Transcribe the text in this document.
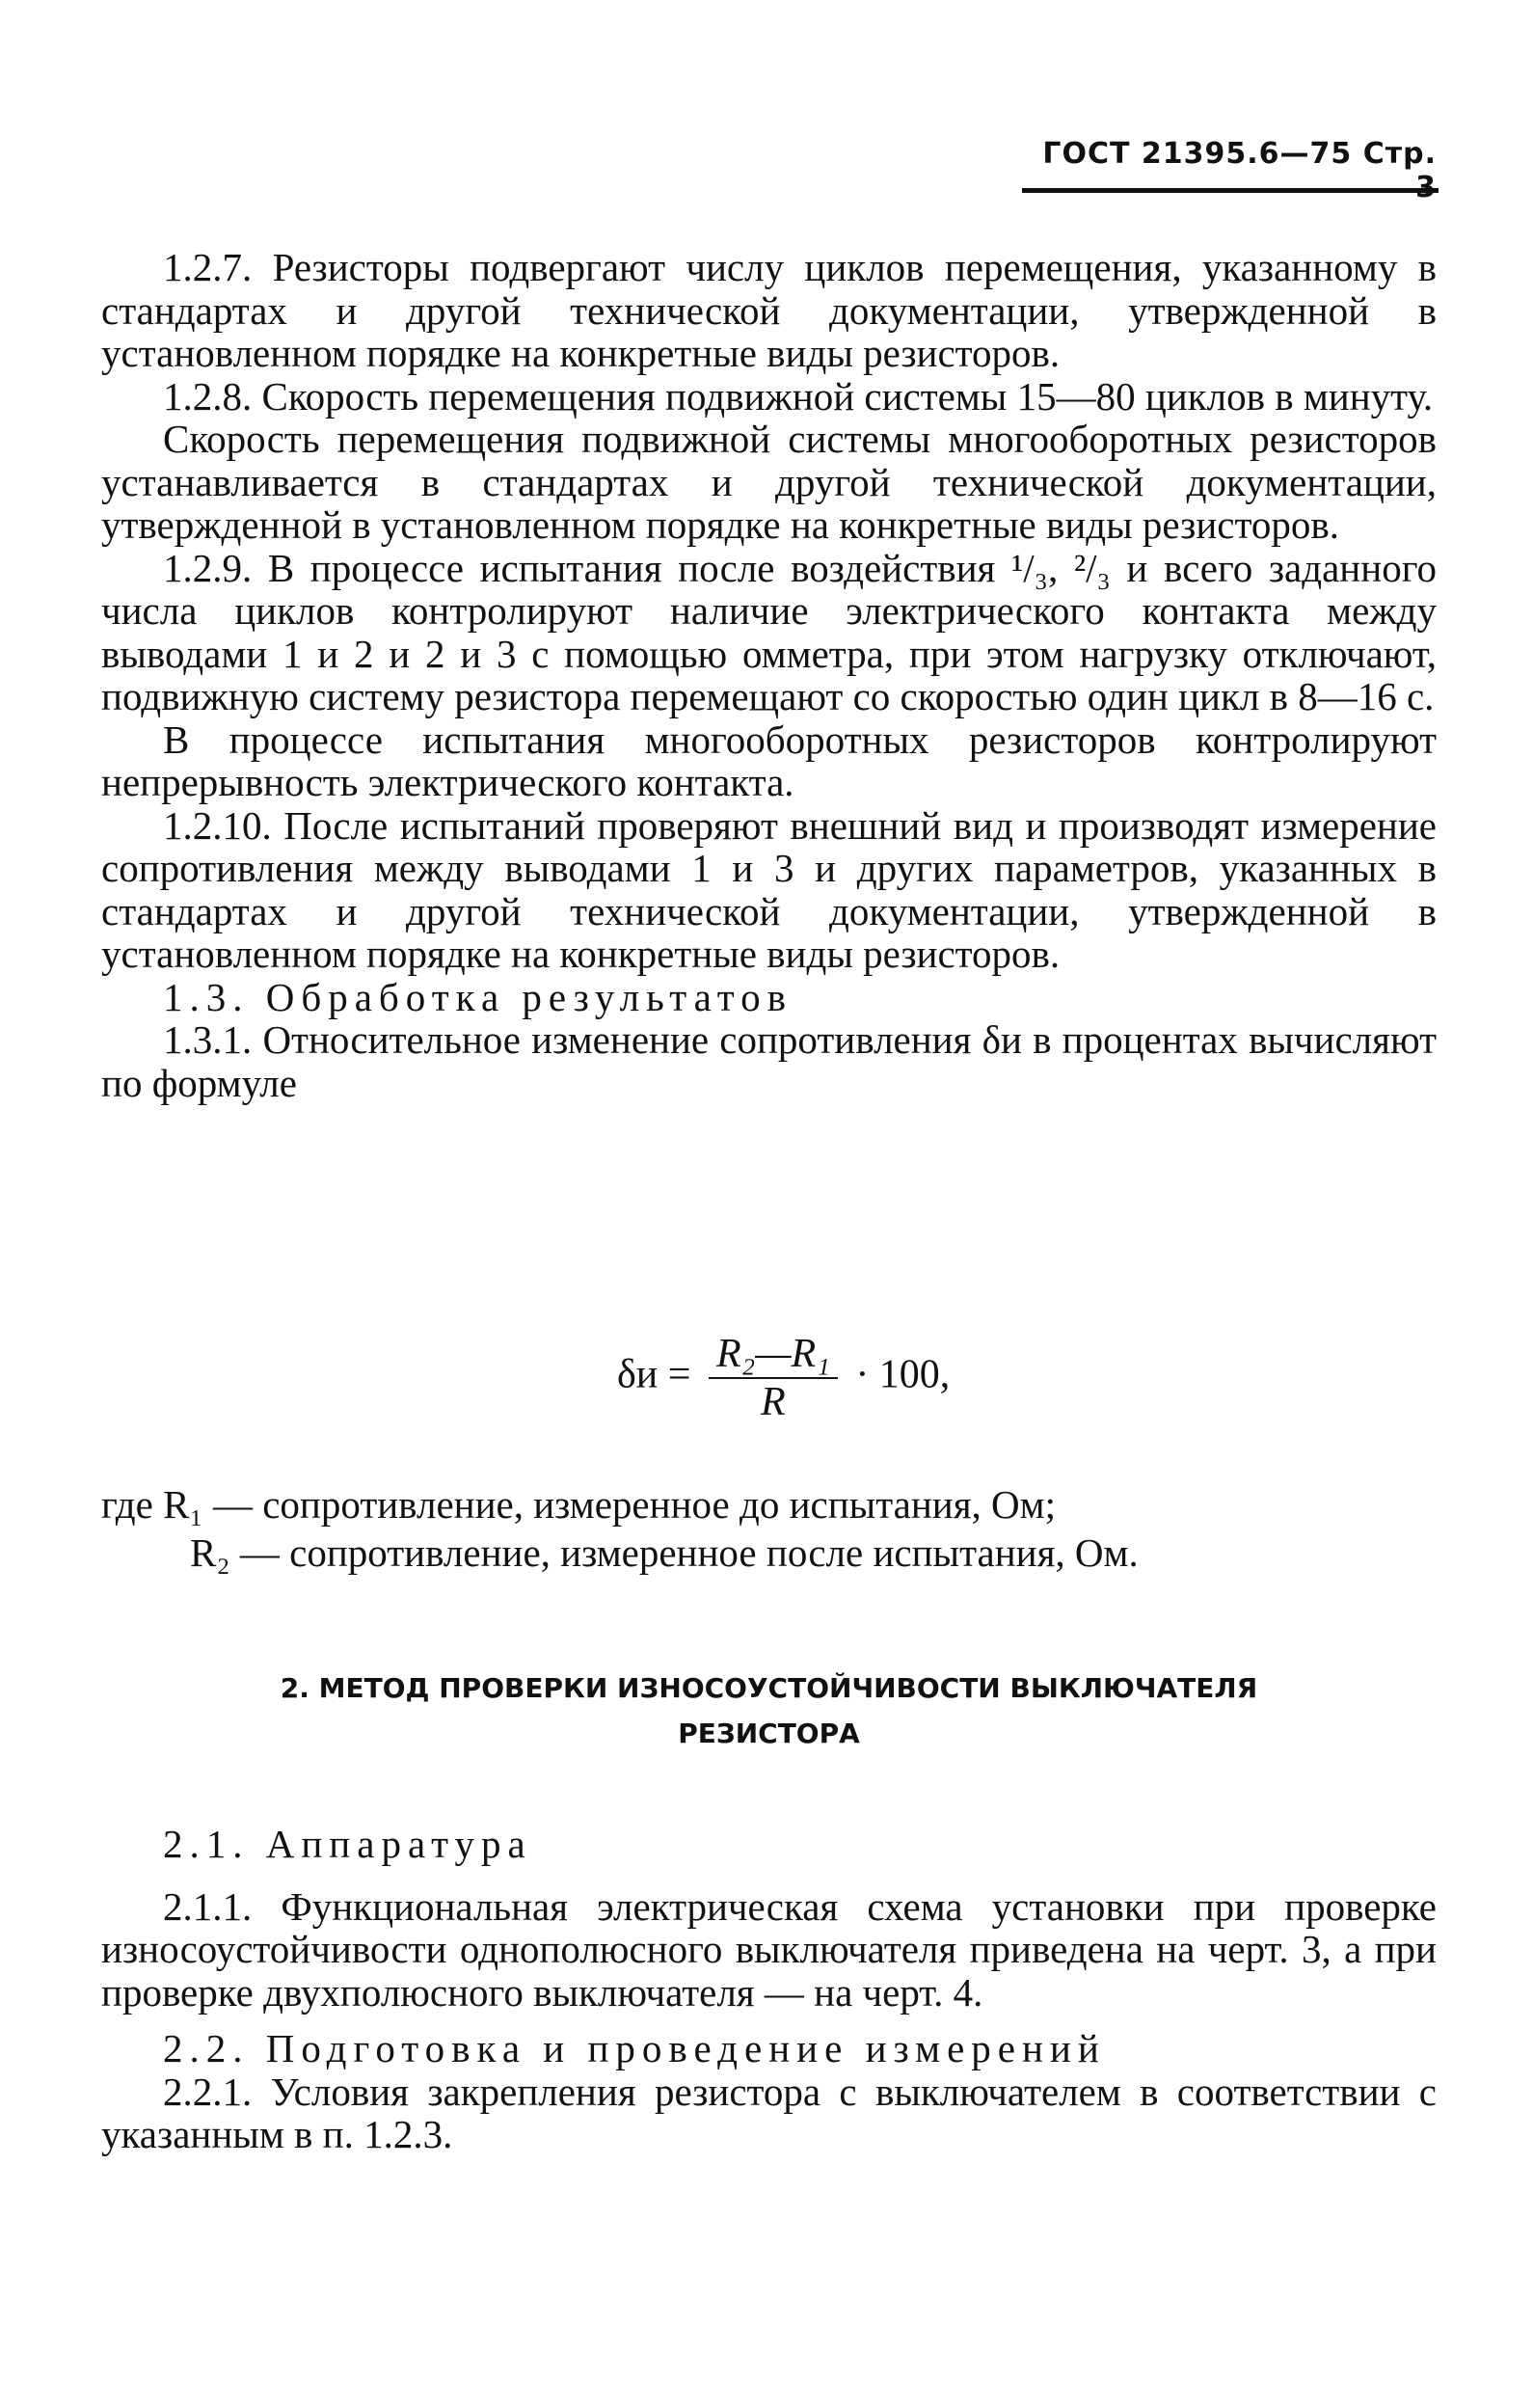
ГОСТ 21395.6—75 Стр.

1.2.7. Резисторы подвергают числу циклов перемещения, указанному в стандартах и другой технической документации, утвержденной в установленном порядке на конкретные виды резисторов.

1.2.8. Скорость перемещения подвижной системы 15—80 циклов в минуту.

Скорость перемещения подвижной системы многооборотных резисторов устанавливается в стандартах и другой технической документации, утвержденной в установленном порядке на конкретные виды резисторов.

1.2.9. В процессе испытания после воздействия ¹/₃, ²/₃ и всего заданного числа циклов контролируют наличие электрического контакта между выводами 1 и 2 и 2 и 3 с помощью омметра, при этом нагрузку отключают, подвижную систему резистора перемещают со скоростью один цикл в 8—16 с.

В процессе испытания многооборотных резисторов контролируют непрерывность электрического контакта.

1.2.10. После испытаний проверяют внешний вид и производят измерение сопротивления между выводами 1 и 3 и других параметров, указанных в стандартах и другой технической документации, утвержденной в установленном порядке на конкретные виды резисторов.

1.3. Обработка результатов

1.3.1. Относительное изменение сопротивления δи в процентах вычисляют по формуле

$\delta и = \frac{\text{R₂—R₁}}{R} \cdot 100$,
где R₁ — сопротивление, измеренное до испытания, Ом;
R₂ — сопротивление, измеренное после испытания, Ом.
2. МЕТОД ПРОВЕРКИ ИЗНОСОУСТОЙЧИВОСТИ ВЫКЛЮЧАТЕЛЯ
РЕЗИСТОРА

2.1. Аппаратура

2.1.1. Функциональная электрическая схема установки при проверке износоустойчивости однополюсного выключателя приведена на черт. 3, а при проверке двухполюсного выключателя — на черт. 4.

2.2. Подготовка и проведение измерений

2.2.1. Условия закрепления резистора с выключателем в соответствии с указанным в п. 1.2.3.
